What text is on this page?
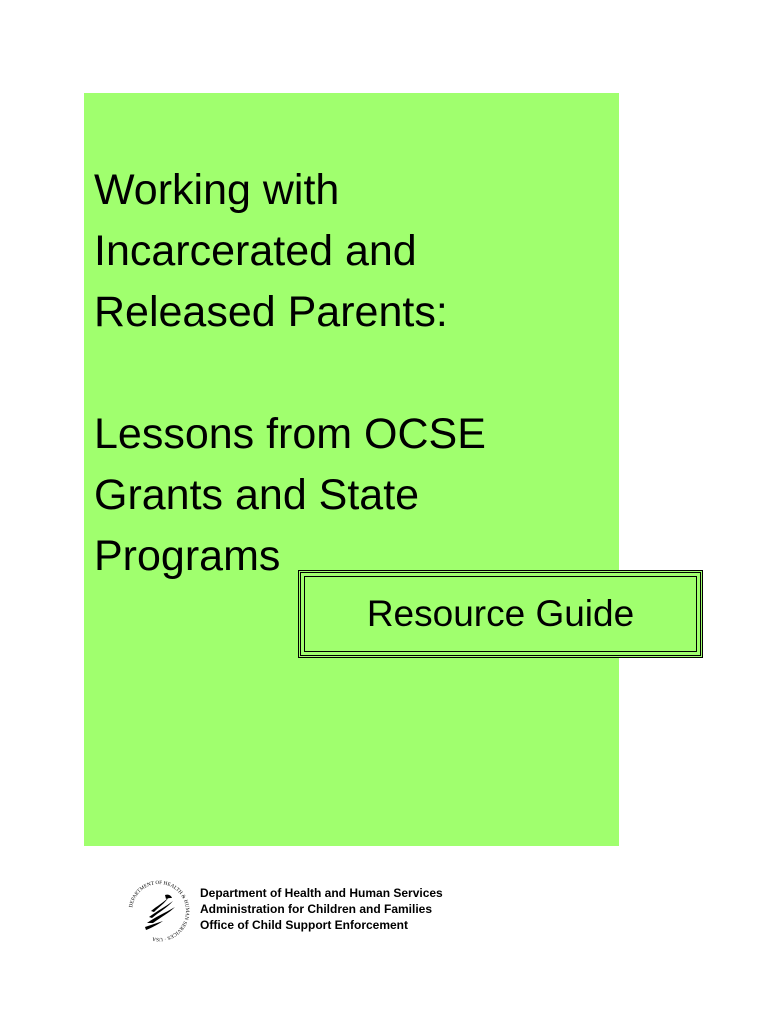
Working with
Incarcerated and
Released Parents:
Lessons from OCSE
Grants and State
Programs
Resource Guide
DEPARTMENT OF HEALTH & HUMAN SERVICES · USA
Department of Health and Human Services
Administration for Children and Families
Office of Child Support Enforcement
